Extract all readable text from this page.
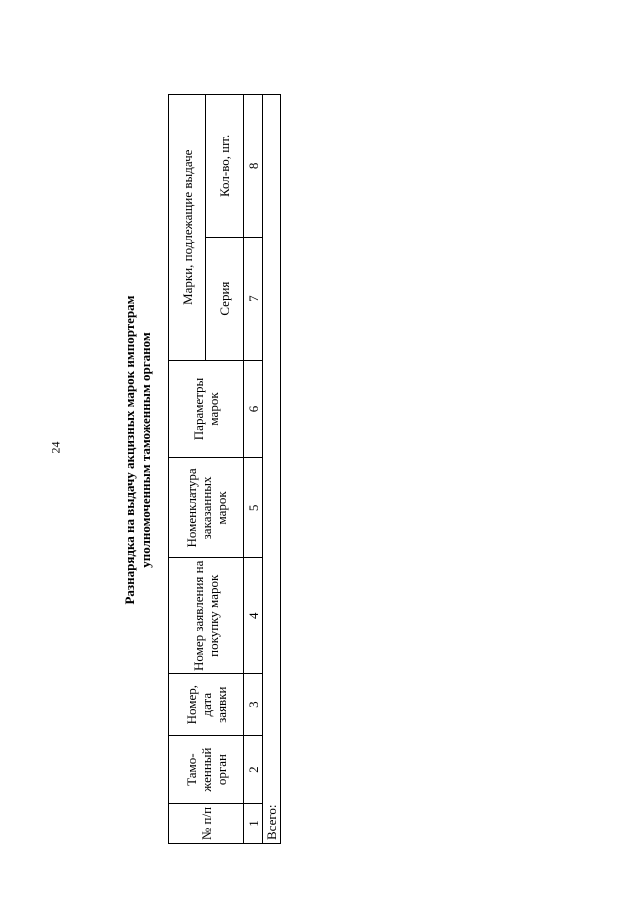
24	Разнарядка на выдачу акцизных марок импортерам уполномоченным таможенным органом
№ п/п	Тамо-женный орган	Номер, дата заявки	Номер заявления на покупку марок	Номенклатура заказанных марок	Параметры марок	Марки, подлежащие выдаче	
						Серия	Кол-во, шт.
1	2	3	4	5	6	7	8
Всего:							
